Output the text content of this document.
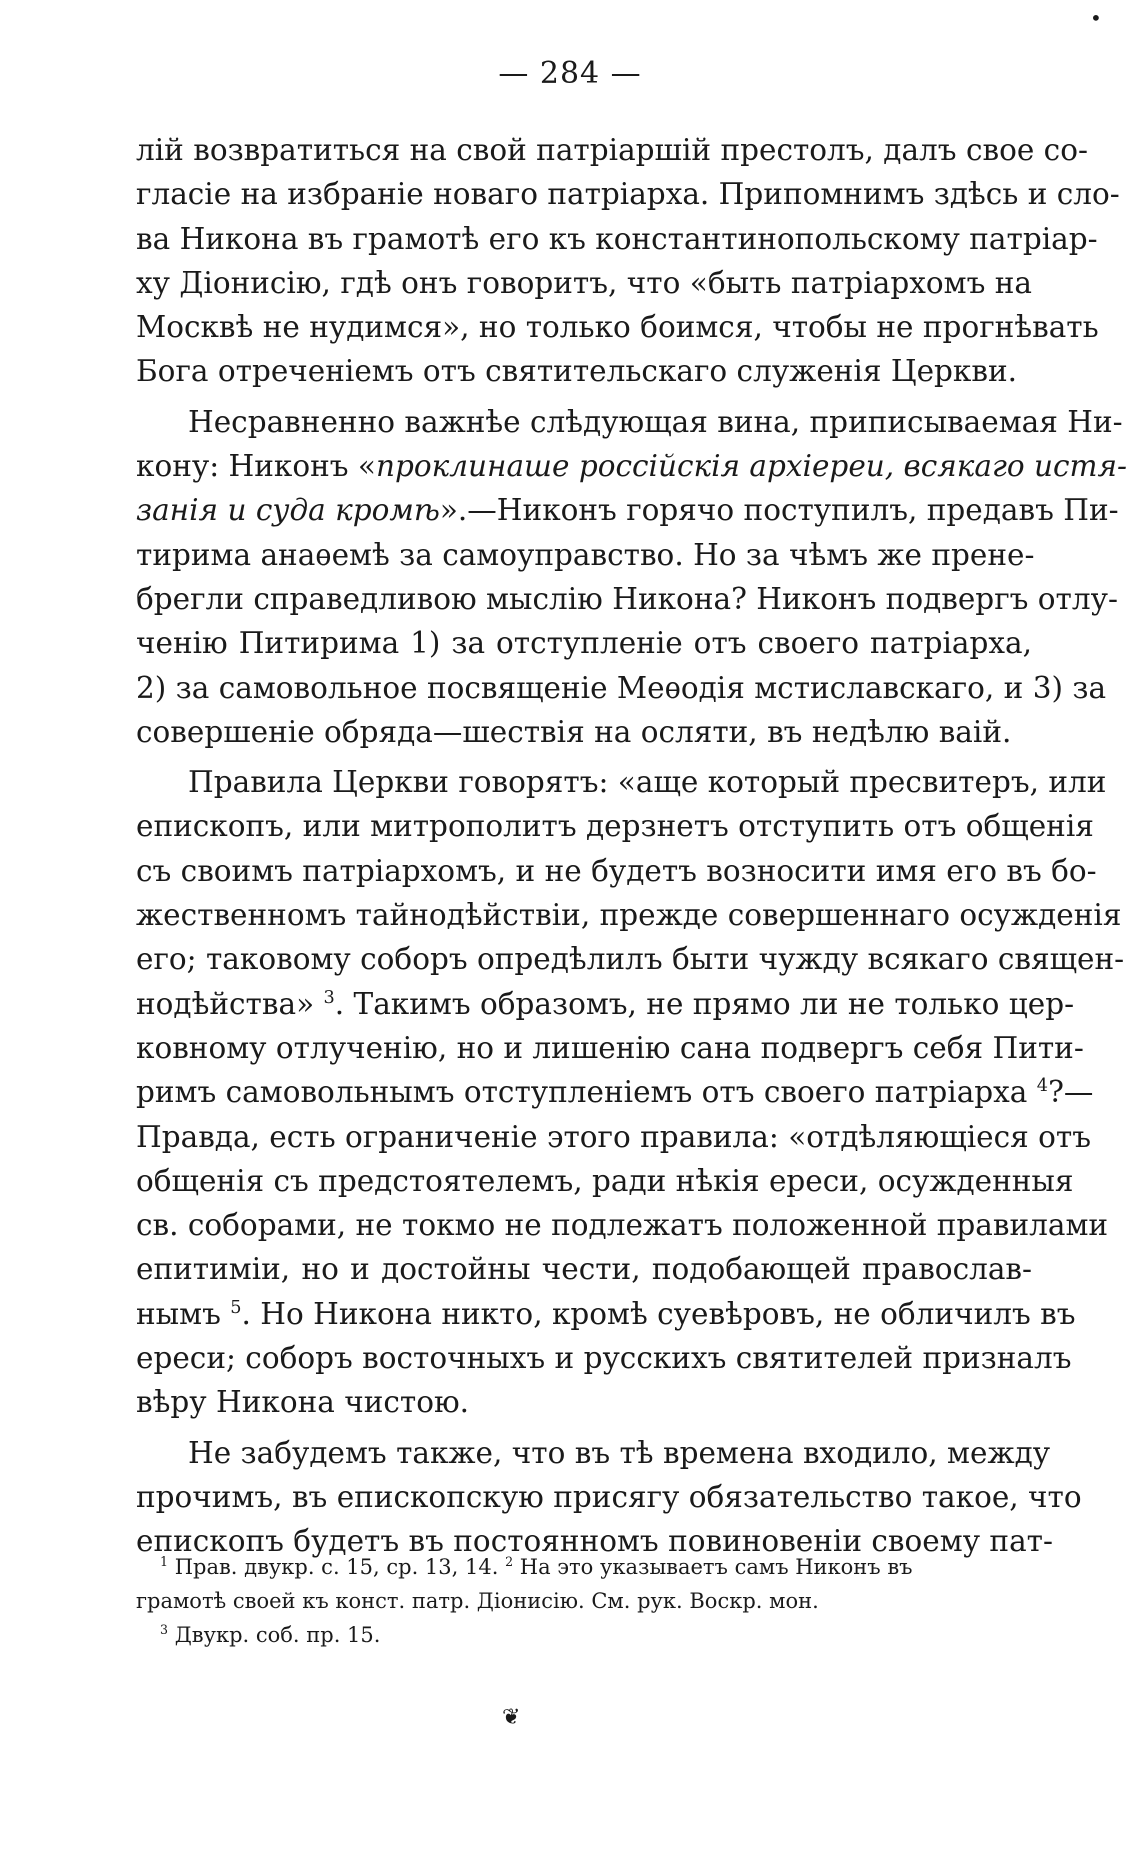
•
— 284 —
лій возвратиться на свой патріаршій престолъ, далъ свое со-
гласіе на избраніе новаго патріарха. Припомнимъ здѣсь и сло-
ва Никона въ грамотѣ его къ константинопольскому патріар-
ху Діонисію, гдѣ онъ говоритъ, что «быть патріархомъ на
Москвѣ не нудимся», но только боимся, чтобы не прогнѣвать
Бога отреченіемъ отъ святительскаго служенія Церкви.
Несравненно важнѣе слѣдующая вина, приписываемая Ни-
кону: Никонъ «проклинаше россійскія архіереи, всякаго истя-
занія и суда кромѣ».—Никонъ горячо поступилъ, предавъ Пи-
тирима анаѳемѣ за самоуправство. Но за чѣмъ же прене-
брегли справедливою мыслію Никона? Никонъ подвергъ отлу-
ченію Питирима 1) за отступленіе отъ своего патріарха,
2) за самовольное посвященіе Меѳодія мстиславскаго, и 3) за
совершеніе обряда—шествія на осляти, въ недѣлю ваій.
Правила Церкви говорятъ: «аще который пресвитеръ, или
епископъ, или митрополитъ дерзнетъ отступить отъ общенія
съ своимъ патріархомъ, и не будетъ возносити имя его въ бо-
жественномъ тайнодѣйствіи, прежде совершеннаго осужденія
его; таковому соборъ опредѣлилъ быти чужду всякаго священ-
нодѣйства» $^3$. Такимъ образомъ, не прямо ли не только цер-
ковному отлученію, но и лишенію сана подвергъ себя Пити-
римъ самовольнымъ отступленіемъ отъ своего патріарха $^4$?—
Правда, есть ограниченіе этого правила: «отдѣляющіеся отъ
общенія съ предстоятелемъ, ради нѣкія ереси, осужденныя
св. соборами, не токмо не подлежатъ положенной правилами
епитиміи, но и достойны чести, подобающей православ-
нымъ $^5$. Но Никона никто, кромѣ суевѣровъ, не обличилъ въ
ереси; соборъ восточныхъ и русскихъ святителей призналъ
вѣру Никона чистою.
Не забудемъ также, что въ тѣ времена входило, между
прочимъ, въ епископскую присягу обязательство такое, что
епископъ будетъ въ постоянномъ повиновеніи своему пат-
$^1$ Прав. двукр. с. 15, ср. 13, 14. $^2$ На это указываетъ самъ Никонъ въ
грамотѣ своей къ конст. патр. Діонисію. См. рук. Воскр. мон.
$^3$ Двукр. соб. пр. 15.
❦
